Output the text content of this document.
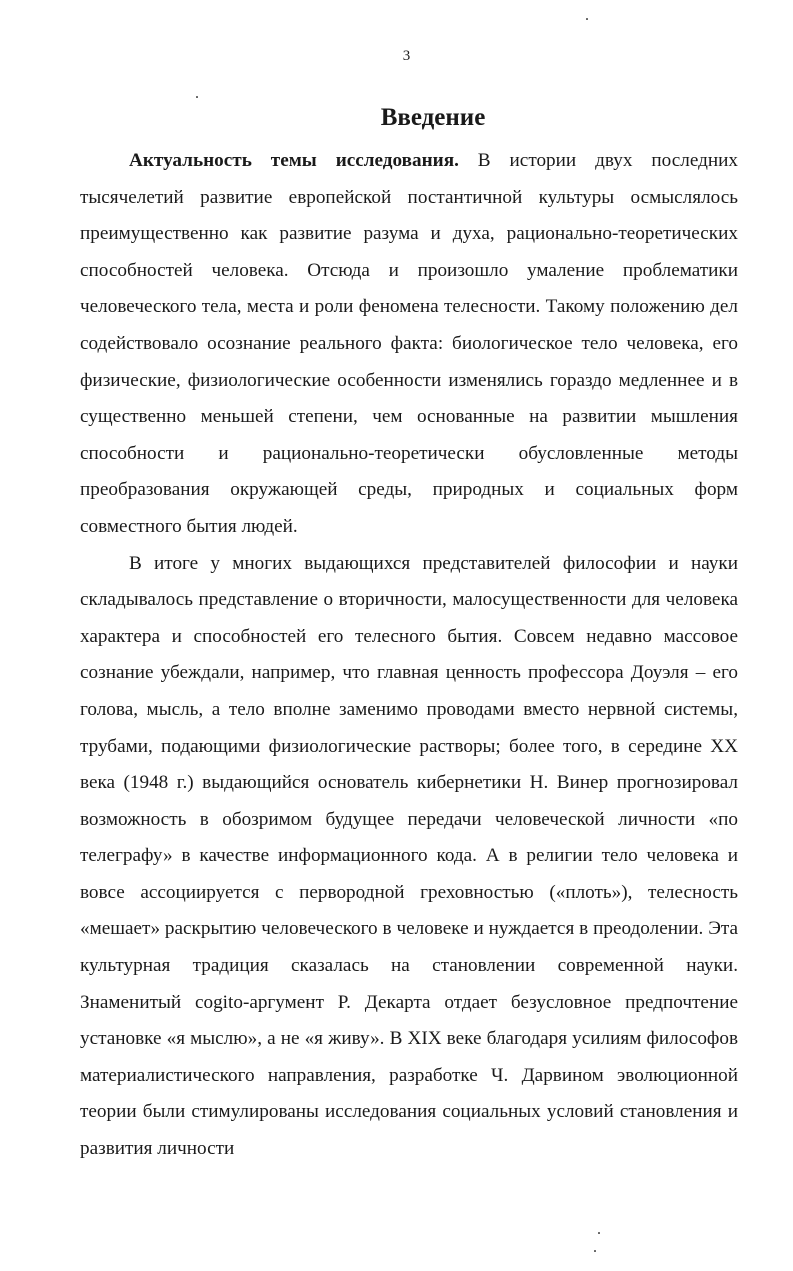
3
Введение

Актуальность темы исследования. В истории двух последних тысячелетий развитие европейской постантичной культуры осмыслялось преимущественно как развитие разума и духа, рационально-теоретических способностей человека. Отсюда и произошло умаление проблематики человеческого тела, места и роли феномена телесности. Такому положению дел содействовало осознание реального факта: биологическое тело человека, его физические, физиологические особенности изменялись гораздо медленнее и в существенно меньшей степени, чем основанные на развитии мышления способности и рационально-теоретически обусловленные методы преобразования окружающей среды, природных и социальных форм совместного бытия людей.

В итоге у многих выдающихся представителей философии и науки складывалось представление о вторичности, малосущественности для человека характера и способностей его телесного бытия. Совсем недавно массовое сознание убеждали, например, что главная ценность профессора Доуэля – его голова, мысль, а тело вполне заменимо проводами вместо нервной системы, трубами, подающими физиологические растворы; более того, в середине XX века (1948 г.) выдающийся основатель кибернетики Н. Винер прогнозировал возможность в обозримом будущее передачи человеческой личности «по телеграфу» в качестве информационного кода. А в религии тело человека и вовсе ассоциируется с первородной греховностью («плоть»), телесность «мешает» раскрытию человеческого в человеке и нуждается в преодолении. Эта культурная традиция сказалась на становлении современной науки. Знаменитый cogito-аргумент Р. Декарта отдает безусловное предпочтение установке «я мыслю», а не «я живу». В XIX веке благодаря усилиям философов материалистического направления, разработке Ч. Дарвином эволюционной теории были стимулированы исследования социальных условий становления и развития личности
